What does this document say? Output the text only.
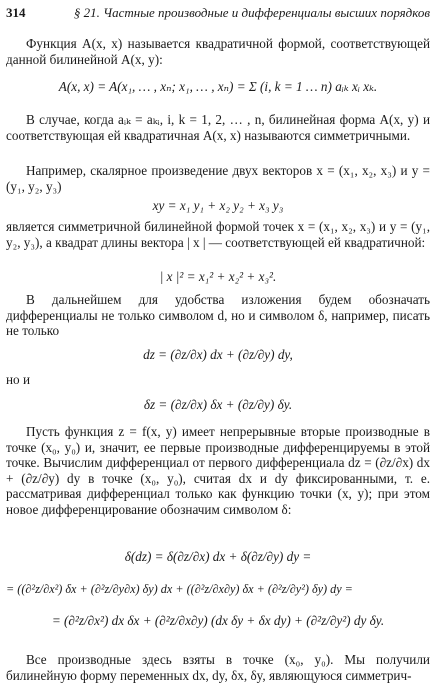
314	§ 21. Частные производные и дифференциалы высших порядков

Функция A(x, x) называется квадратичной формой, соответствующей данной билинейной A(x, y):

A(x, x) = A(x₁, … , xₙ; x₁, … , xₙ) = Σ (i, k = 1 … n) aᵢₖ xᵢ xₖ.

В случае, когда aᵢₖ = aₖᵢ, i, k = 1, 2, … , n, билинейная форма A(x, y) и соответствующая ей квадратичная A(x, x) называются симметричными.

Например, скалярное произведение двух векторов x = (x₁, x₂, x₃) и y = (y₁, y₂, y₃)

xy = x₁ y₁ + x₂ y₂ + x₃ y₃

является симметричной билинейной формой точек x = (x₁, x₂, x₃) и y = (y₁, y₂, y₃), а квадрат длины вектора | x | — соответствующей ей квадратичной:

| x |² = x₁² + x₂² + x₃².

В дальнейшем для удобства изложения будем обозначать дифференциалы не только символом d, но и символом δ, например, писать не только

dz = (∂z/∂x) dx + (∂z/∂y) dy,

но и

δz = (∂z/∂x) δx + (∂z/∂y) δy.

Пусть функция z = f(x, y) имеет непрерывные вторые производные в точке (x₀, y₀) и, значит, ее первые производные дифференцируемы в этой точке. Вычислим дифференциал от первого дифференциала dz = (∂z/∂x) dx + (∂z/∂y) dy в точке (x₀, y₀), считая dx и dy фиксированными, т. е. рассматривая дифференциал только как функцию точки (x, y); при этом новое дифференцирование обозначим символом δ:

δ(dz) = δ(∂z/∂x) dx + δ(∂z/∂y) dy =
= ((∂²z/∂x²) δx + (∂²z/∂y∂x) δy) dx + ((∂²z/∂x∂y) δx + (∂²z/∂y²) δy) dy =
= (∂²z/∂x²) dx δx + (∂²z/∂x∂y) (dx δy + δx dy) + (∂²z/∂y²) dy δy.

Все производные здесь взяты в точке (x₀, y₀). Мы получили билинейную форму переменных dx, dy, δx, δy, являющуюся симметрич-
